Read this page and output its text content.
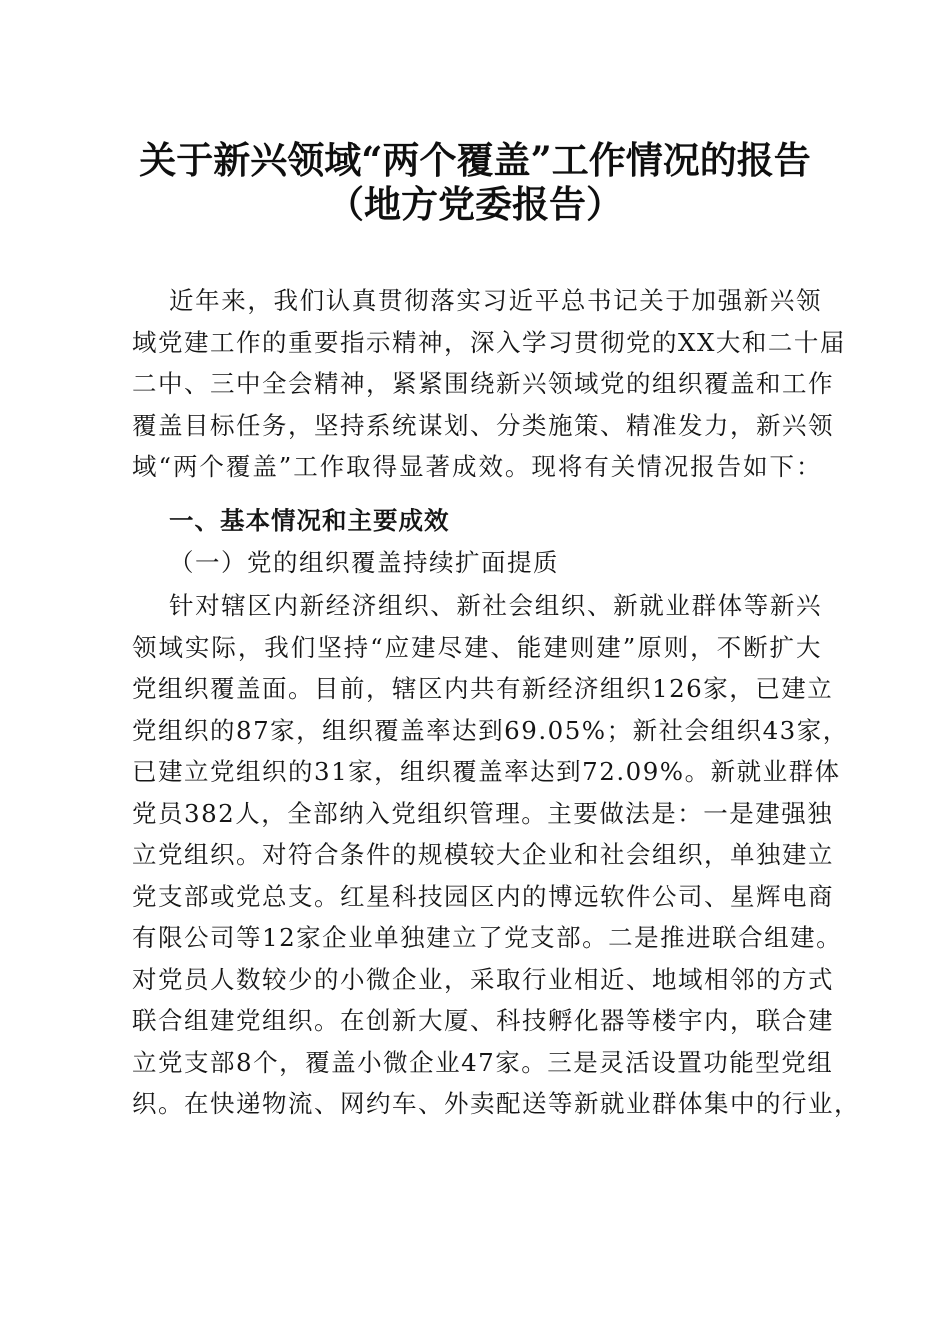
关于新兴领域“两个覆盖”工作情况的报告
（地方党委报告）
近年来，我们认真贯彻落实习近平总书记关于加强新兴领
域党建工作的重要指示精神，深入学习贯彻党的XX大和二十届
二中、三中全会精神，紧紧围绕新兴领域党的组织覆盖和工作
覆盖目标任务，坚持系统谋划、分类施策、精准发力，新兴领
域“两个覆盖”工作取得显著成效。现将有关情况报告如下：
一、基本情况和主要成效
（一）党的组织覆盖持续扩面提质
针对辖区内新经济组织、新社会组织、新就业群体等新兴
领域实际，我们坚持“应建尽建、能建则建”原则，不断扩大
党组织覆盖面。目前，辖区内共有新经济组织126家，已建立
党组织的87家，组织覆盖率达到69.05%；新社会组织43家，
已建立党组织的31家，组织覆盖率达到72.09%。新就业群体
党员382人，全部纳入党组织管理。主要做法是：一是建强独
立党组织。对符合条件的规模较大企业和社会组织，单独建立
党支部或党总支。红星科技园区内的博远软件公司、星辉电商
有限公司等12家企业单独建立了党支部。二是推进联合组建。
对党员人数较少的小微企业，采取行业相近、地域相邻的方式
联合组建党组织。在创新大厦、科技孵化器等楼宇内，联合建
立党支部8个，覆盖小微企业47家。三是灵活设置功能型党组
织。在快递物流、网约车、外卖配送等新就业群体集中的行业，
